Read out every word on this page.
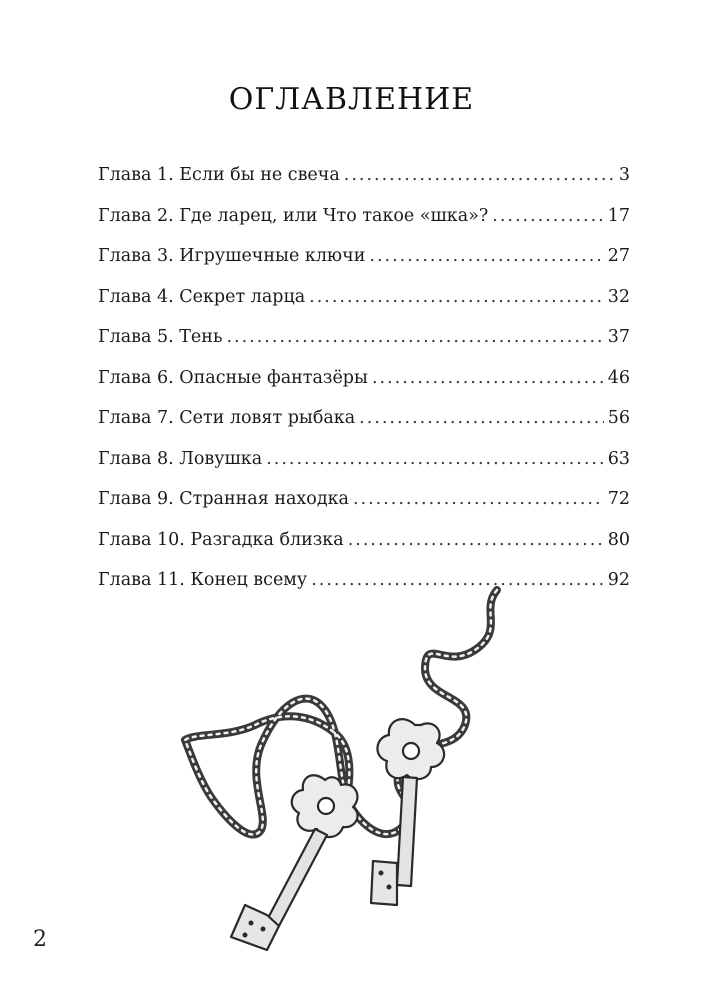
ОГЛАВЛЕНИЕ
Глава 1. Если бы не свеча .....	3
Глава 2. Где ларец, или Что такое «шка»? .....	17
Глава 3. Игрушечные ключи .....	27
Глава 4. Секрет ларца .....	32
Глава 5. Тень .....	37
Глава 6. Опасные фантазёры .....	46
Глава 7. Сети ловят рыбака .....	56
Глава 8. Ловушка .....	63
Глава 9. Странная находка .....	72
Глава 10. Разгадка близка .....	80
Глава 11. Конец всему .....	92
2
